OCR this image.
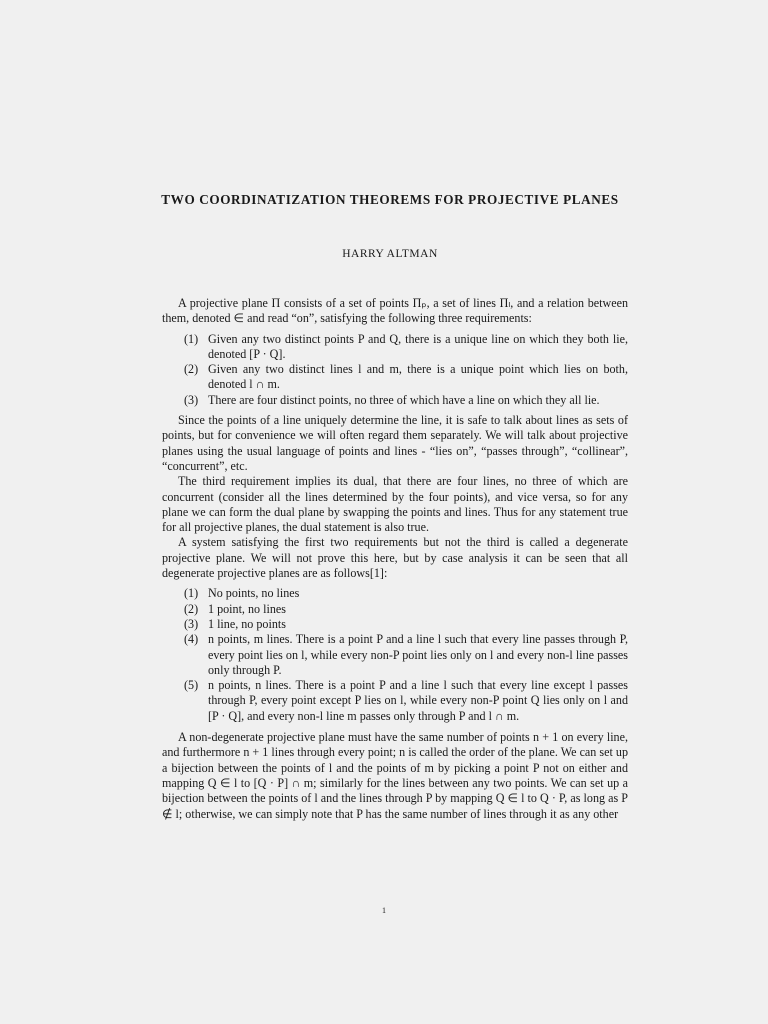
TWO COORDINATIZATION THEOREMS FOR PROJECTIVE PLANES
HARRY ALTMAN

A projective plane Π consists of a set of points Πₚ, a set of lines Πₗ, and a relation between them, denoted ∈ and read “on”, satisfying the following three requirements:

(1) Given any two distinct points P and Q, there is a unique line on which they both lie, denoted [P · Q].
(2) Given any two distinct lines l and m, there is a unique point which lies on both, denoted l ∩ m.
(3) There are four distinct points, no three of which have a line on which they all lie.

Since the points of a line uniquely determine the line, it is safe to talk about lines as sets of points, but for convenience we will often regard them separately. We will talk about projective planes using the usual language of points and lines - “lies on”, “passes through”, “collinear”, “concurrent”, etc.

The third requirement implies its dual, that there are four lines, no three of which are concurrent (consider all the lines determined by the four points), and vice versa, so for any plane we can form the dual plane by swapping the points and lines. Thus for any statement true for all projective planes, the dual statement is also true.

A system satisfying the first two requirements but not the third is called a degenerate projective plane. We will not prove this here, but by case analysis it can be seen that all degenerate projective planes are as follows[1]:

(1) No points, no lines
(2) 1 point, no lines
(3) 1 line, no points
(4) n points, m lines. There is a point P and a line l such that every line passes through P, every point lies on l, while every non-P point lies only on l and every non-l line passes only through P.
(5) n points, n lines. There is a point P and a line l such that every line except l passes through P, every point except P lies on l, while every non-P point Q lies only on l and [P · Q], and every non-l line m passes only through P and l ∩ m.

A non-degenerate projective plane must have the same number of points n + 1 on every line, and furthermore n + 1 lines through every point; n is called the order of the plane. We can set up a bijection between the points of l and the points of m by picking a point P not on either and mapping Q ∈ l to [Q · P] ∩ m; similarly for the lines between any two points. We can set up a bijection between the points of l and the lines through P by mapping Q ∈ l to Q · P, as long as P ∉ l; otherwise, we can simply note that P has the same number of lines through it as any other

1
